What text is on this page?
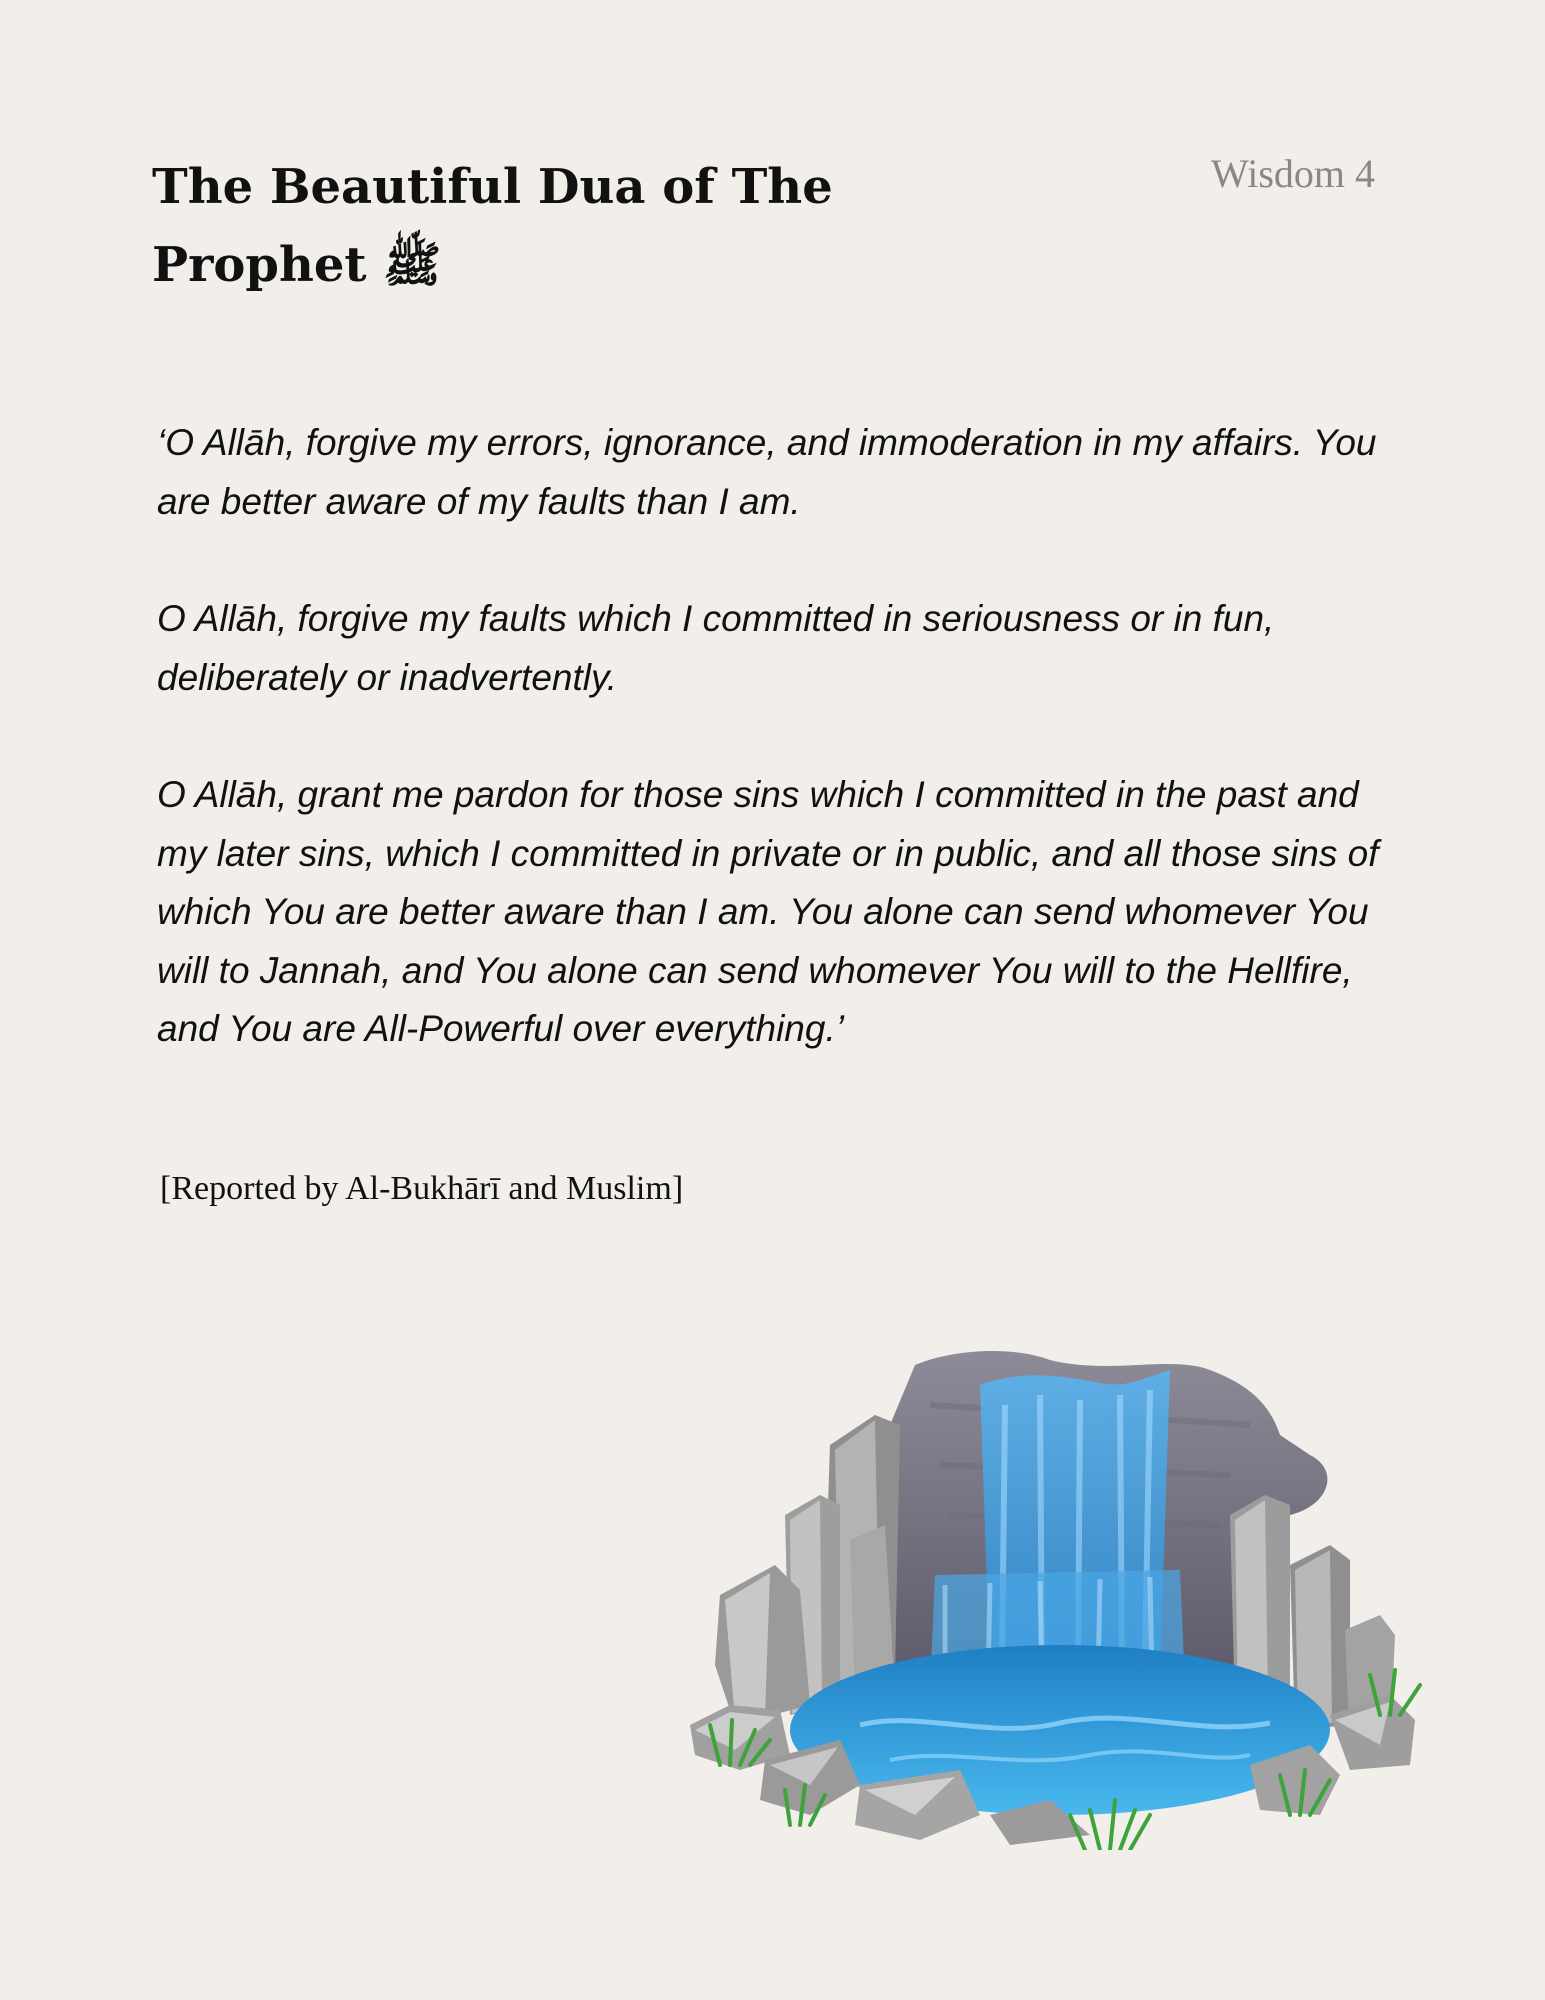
The Beautiful Dua of The Prophet ﷺ
Wisdom 4

‘O Allāh, forgive my errors, ignorance, and immoderation in my affairs. You are better aware of my faults than I am.

O Allāh, forgive my faults which I committed in seriousness or in fun, deliberately or inadvertently.

O Allāh, grant me pardon for those sins which I committed in the past and my later sins, which I committed in private or in public, and all those sins of which You are better aware than I am. You alone can send whomever You will to Jannah, and You alone can send whomever You will to the Hellfire, and You are All-Powerful over everything.’

[Reported by Al-Bukhārī and Muslim]
